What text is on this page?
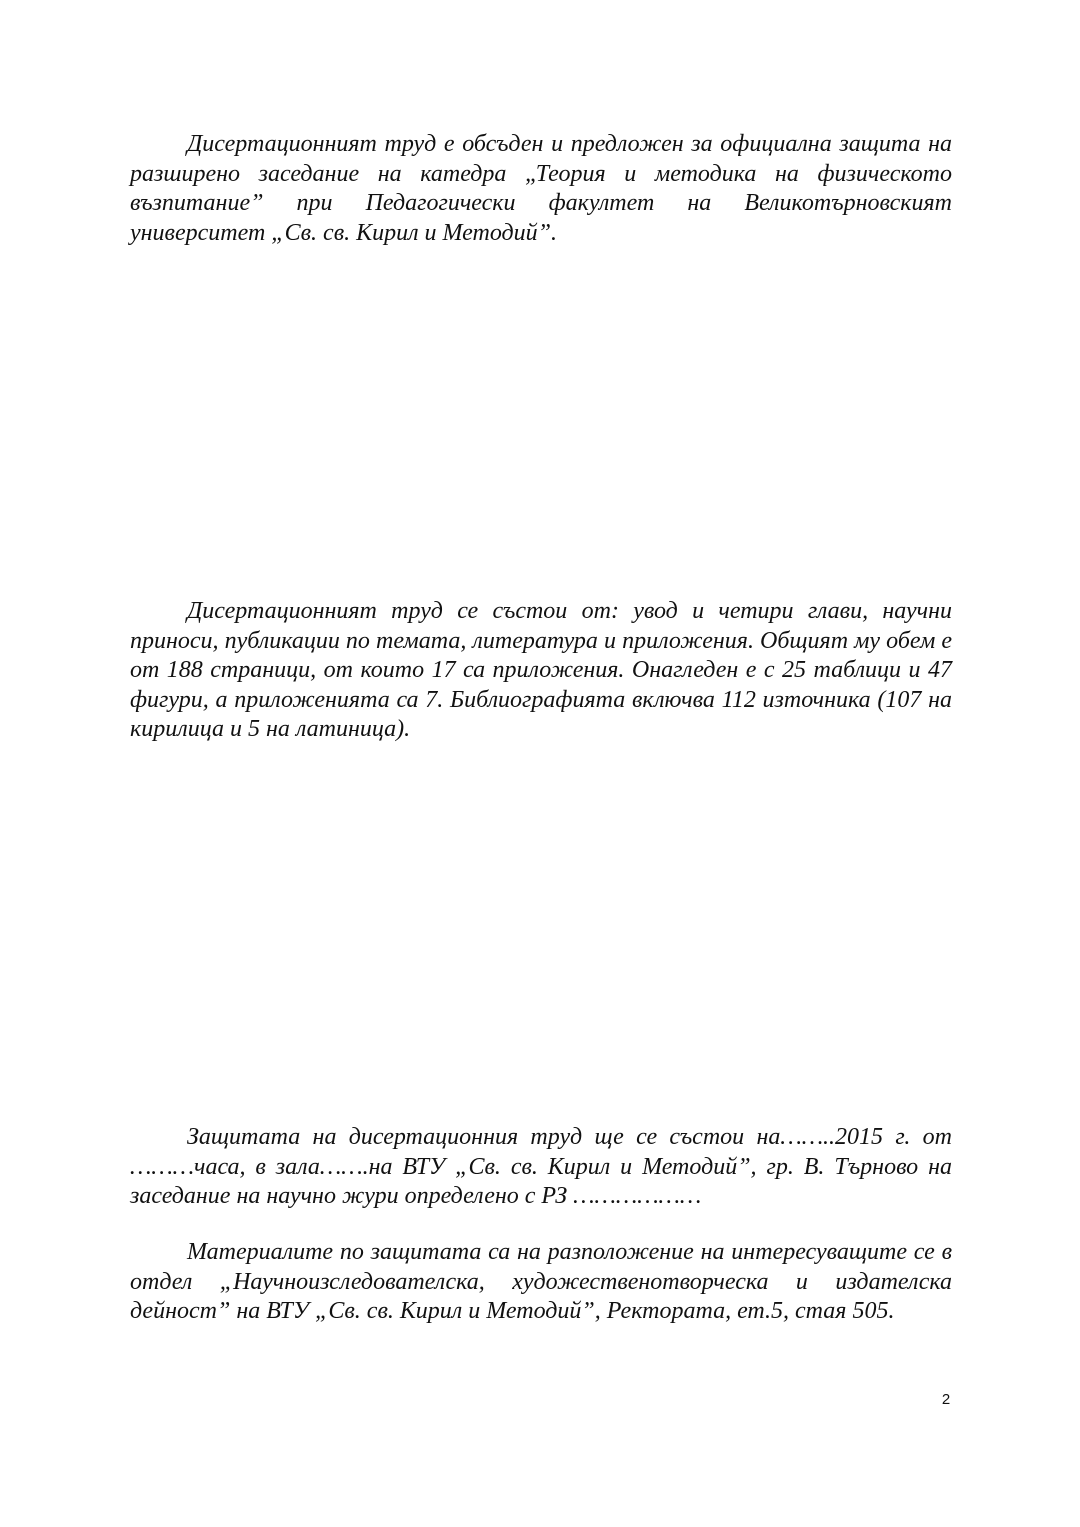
Дисертационният труд е обсъден и предложен за официална защита на разширено заседание на катедра „Теория и методика на физическото възпитание” при Педагогически факултет на Великотърновският университет „Св. св. Кирил и Методий”.

Дисертационният труд се състои от: увод и четири глави, научни приноси, публикации по темата, литература и приложения. Общият му обем е от 188 страници, от които 17 са приложения. Онагледен е с 25 таблици и 47 фигури, а приложенията са 7. Библиографията включва 112 източника (107 на кирилица и 5 на латиница).

Защитата на дисертационния труд ще се състои на……..2015 г. от ………часа, в зала…….на ВТУ „Св. св. Кирил и Методий”, гр. В. Търново на заседание на научно жури определено с РЗ ………………

Материалите по защитата са на разположение на интересуващите се в отдел „Научноизследователска, художественотворческа и издателска дейност” на ВТУ „Св. св. Кирил и Методий”, Ректората, ет.5, стая 505.

2
